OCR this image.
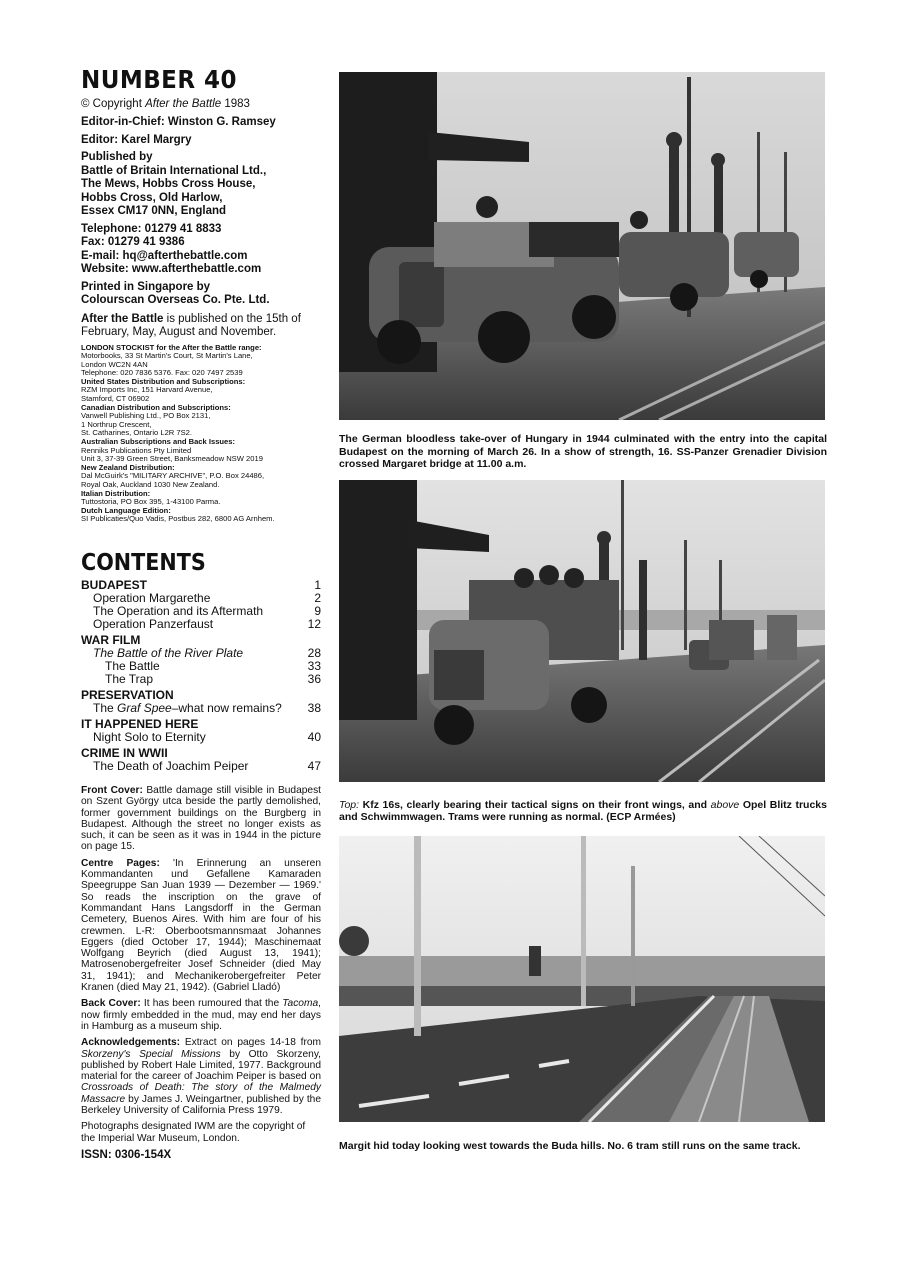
NUMBER 40
© Copyright After the Battle 1983
Editor-in-Chief: Winston G. Ramsey
Editor: Karel Margry
Published by
Battle of Britain International Ltd.,
The Mews, Hobbs Cross House,
Hobbs Cross, Old Harlow,
Essex CM17 0NN, England
Telephone: 01279 41 8833
Fax: 01279 41 9386
E-mail: hq@afterthebattle.com
Website: www.afterthebattle.com
Printed in Singapore by
Colourscan Overseas Co. Pte. Ltd.
After the Battle is published on the 15th of February, May, August and November.
LONDON STOCKIST for the After the Battle range:
Motorbooks, 33 St Martin's Court, St Martin's Lane,
London WC2N 4AN
Telephone: 020 7836 5376. Fax: 020 7497 2539
United States Distribution and Subscriptions:
RZM Imports Inc, 151 Harvard Avenue,
Stamford, CT 06902
Canadian Distribution and Subscriptions:
Vanwell Publishing Ltd., PO Box 2131,
1 Northrup Crescent,
St. Catharines, Ontario L2R 7S2.
Australian Subscriptions and Back Issues:
Renniks Publications Pty Limited
Unit 3, 37-39 Green Street, Banksmeadow NSW 2019
New Zealand Distribution:
Dal McGuirk's "MILITARY ARCHIVE", P.O. Box 24486,
Royal Oak, Auckland 1030 New Zealand.
Italian Distribution:
Tuttostoria, PO Box 395, 1-43100 Parma.
Dutch Language Edition:
SI Publicaties/Quo Vadis, Postbus 282, 6800 AG Arnhem.
CONTENTS
BUDAPEST	1
Operation Margarethe	2
The Operation and its Aftermath	9
Operation Panzerfaust	12
WAR FILM
The Battle of the River Plate	28
The Battle	33
The Trap	36
PRESERVATION
The Graf Spee–what now remains?	38
IT HAPPENED HERE
Night Solo to Eternity	40
CRIME IN WWII
The Death of Joachim Peiper	47
Front Cover: Battle damage still visible in Budapest on Szent György utca beside the partly demolished, former government buildings on the Burgberg in Budapest. Although the street no longer exists as such, it can be seen as it was in 1944 in the picture on page 15.
Centre Pages: 'In Erinnerung an unseren Kommandanten und Gefallene Kamaraden Speegruppe San Juan 1939 — Dezember — 1969.' So reads the inscription on the grave of Kommandant Hans Langsdorff in the German Cemetery, Buenos Aires. With him are four of his crewmen. L-R: Oberbootsmannsmaat Johannes Eggers (died October 17, 1944); Maschinemaat Wolfgang Beyrich (died August 13, 1941); Matrosenobergefreiter Josef Schneider (died May 31, 1941); and Mechanikerobergefreiter Peter Kranen (died May 21, 1942). (Gabriel Lladó)
Back Cover: It has been rumoured that the Tacoma, now firmly embedded in the mud, may end her days in Hamburg as a museum ship.
Acknowledgements: Extract on pages 14-18 from Skorzeny's Special Missions by Otto Skorzeny, published by Robert Hale Limited, 1977. Background material for the career of Joachim Peiper is based on Crossroads of Death: The story of the Malmedy Massacre by James J. Weingartner, published by the Berkeley University of California Press 1979.
Photographs designated IWM are the copyright of the Imperial War Museum, London.
ISSN: 0306-154X
The German bloodless take-over of Hungary in 1944 culminated with the entry into the capital Budapest on the morning of March 26. In a show of strength, 16. SS-Panzer Grenadier Division crossed Margaret bridge at 11.00 a.m.
Top: Kfz 16s, clearly bearing their tactical signs on their front wings, and above Opel Blitz trucks and Schwimmwagen. Trams were running as normal. (ECP Armées)
Margit hid today looking west towards the Buda hills. No. 6 tram still runs on the same track.
